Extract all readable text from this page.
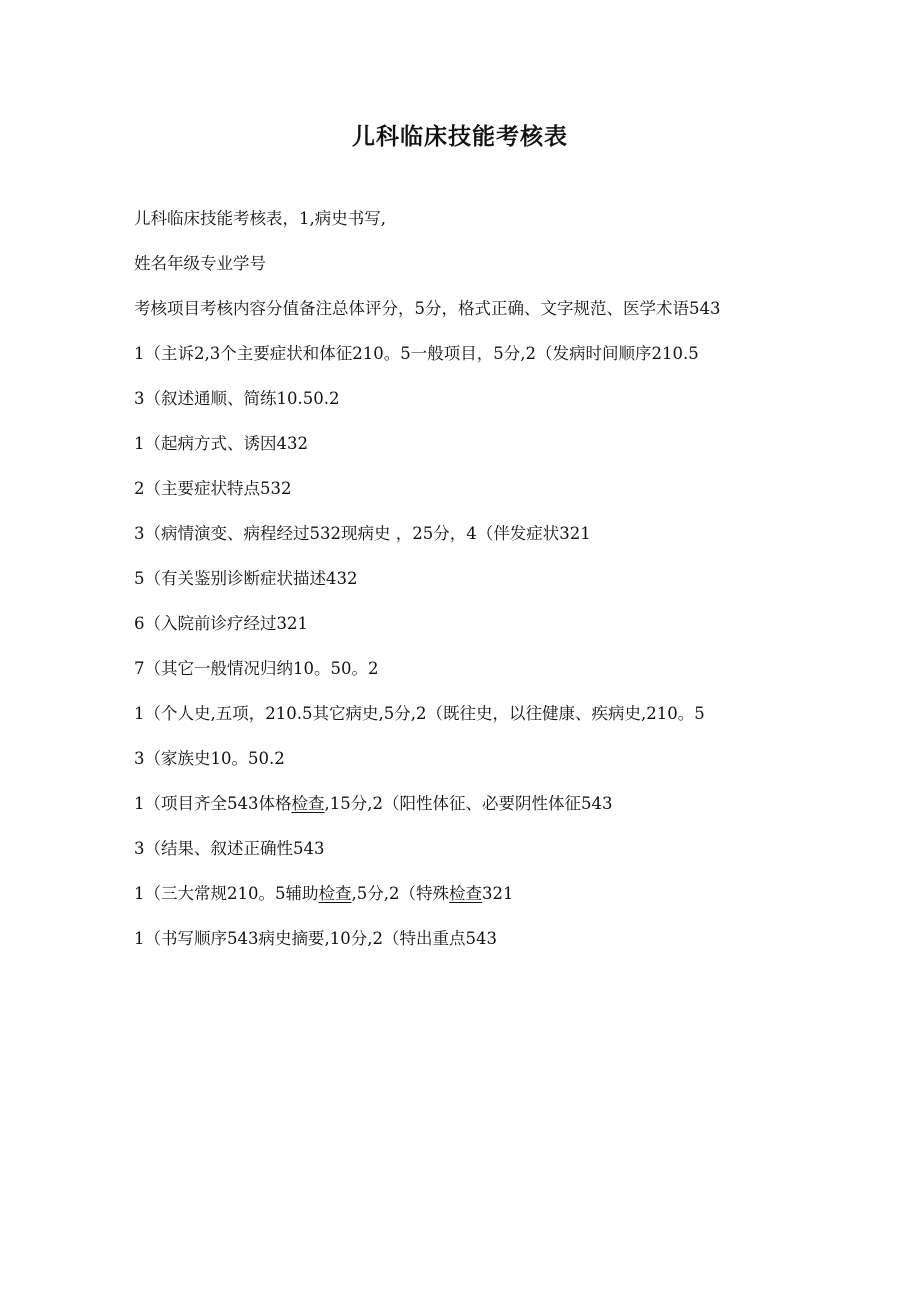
儿科临床技能考核表

儿科临床技能考核表，1,病史书写,

姓名年级专业学号

考核项目考核内容分值备注总体评分，5分，格式正确、文字规范、医学术语543

1（主诉2,3个主要症状和体征210。5一般项目，5分,2（发病时间顺序210.5

3（叙述通顺、简练10.50.2

1（起病方式、诱因432

2（主要症状特点532

3（病情演变、病程经过532现病史 ，25分，4（伴发症状321

5（有关鉴别诊断症状描述432

6（入院前诊疗经过321

7（其它一般情况归纳10。50。2

1（个人史,五项，210.5其它病史,5分,2（既往史，以往健康、疾病史,210。5

3（家族史10。50.2

1（项目齐全543体格检查,15分,2（阳性体征、必要阴性体征543

3（结果、叙述正确性543

1（三大常规210。5辅助检查,5分,2（特殊检查321

1（书写顺序543病史摘要,10分,2（特出重点543
